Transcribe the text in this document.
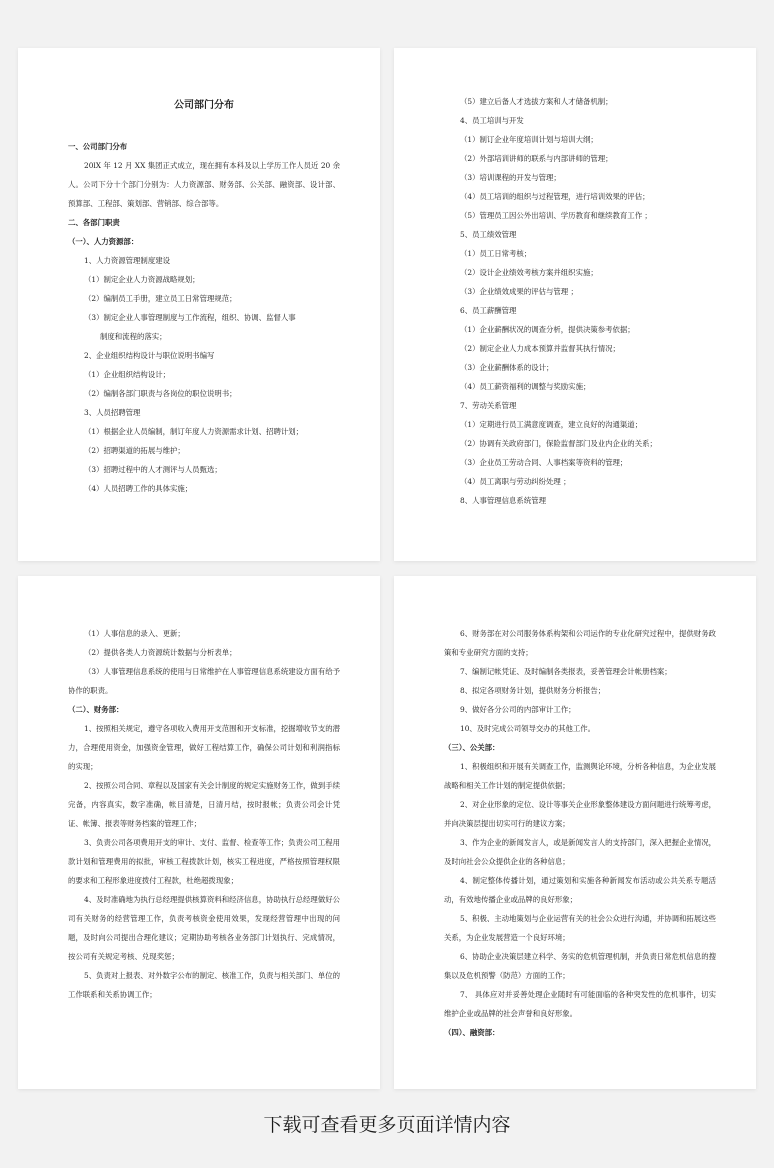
公司部门分布
一、公司部门分布
20lX 年 12 月 XX 集团正式成立，现在拥有本科及以上学历工作人员近 20 余人。公司下分十个部门分别为：人力资源部、财务部、公关部、融资部、设计部、预算部、工程部、策划部、营销部、综合部等。
二、各部门职责
（一）、人力资源部：
1、人力资源管理制度建设
（1）制定企业人力资源战略规划；
（2）编制员工手册，建立员工日常管理规范；
（3）制定企业人事管理制度与工作流程，组织、协调、监督人事
制度和流程的落实；
2、企业组织结构设计与职位说明书编写
（1）企业组织结构设计；
（2）编制各部门职责与各岗位的职位说明书；
3、人员招聘管理
（1）根据企业人员编制，制订年度人力资源需求计划、招聘计划；
（2）招聘渠道的拓展与维护；
（3）招聘过程中的人才测评与人员甄选；
（4）人员招聘工作的具体实施；
（5）建立后备人才选拔方案和人才储备机制；
4、员工培训与开发
（1）制订企业年度培训计划与培训大纲；
（2）外部培训讲师的联系与内部讲师的管理；
（3）培训课程的开发与管理；
（4）员工培训的组织与过程管理，进行培训效果的评估；
（5）管理员工因公外出培训、学历教育和继续教育工作 ；
5、员工绩效管理
（1）员工日常考核；
（2）设计企业绩效考核方案并组织实施；
（3）企业绩效成果的评估与管理 ；
6、员工薪酬管理
（1）企业薪酬状况的调查分析，提供决策参考依据；
（2）制定企业人力成本预算并监督其执行情况；
（3）企业薪酬体系的设计；
（4）员工薪资福利的调整与奖励实施；
7、劳动关系管理
（1）定期进行员工满意度调查，建立良好的沟通渠道；
（2）协调有关政府部门，保险监督部门及业内企业的关系；
（3）企业员工劳动合同、人事档案等资料的管理；
（4）员工离职与劳动纠纷处理 ；
8、人事管理信息系统管理
（1）人事信息的录入、更新；
（2）提供各类人力资源统计数据与分析表单；
（3）人事管理信息系统的使用与日常维护在人事管理信息系统建设方面有给予协作的职责。
（二）、财务部：
1、按照相关规定，遵守各项收入费用开支范围和开支标准，挖掘增收节支的潜力，合理使用资金，加强资金管理，做好工程结算工作，确保公司计划和利润指标的实现；
2、按照公司合同、章程以及国家有关会计制度的规定实施财务工作，做到手续完备，内容真实，数字准确，帐目清楚，日清月结，按时报帐；负责公司会计凭证、帐簿、报表等财务档案的管理工作；
3、负责公司各项费用开支的审计、支付、监督、检查等工作；负责公司工程用款计划和管理费用的拟批，审核工程拨款计划，核实工程进度，严格按照管理权限的要求和工程形象进度拨付工程款，杜绝超拨现象；
4、及时准确地为执行总经理提供核算资料和经济信息，协助执行总经理做好公司有关财务的经营管理工作，负责考核资金使用效果，发现经营管理中出现的问题，及时向公司提出合理化建议；定期协助考核各业务部门计划执行、完成情况，按公司有关规定考核、兑现奖惩；
5、负责对上报表、对外数字公布的制定、核准工作，负责与相关部门、单位的工作联系和关系协调工作；
6、财务部在对公司服务体系构架和公司运作的专业化研究过程中，提供财务政策和专业研究方面的支持；
7、编制记帐凭证、及时编制各类报表，妥善管理会计帐册档案；
8、拟定各项财务计划，提供财务分析报告；
9、做好各分公司的内部审计工作；
10、及时完成公司领导交办的其他工作。
（三）、公关部：
1、积极组织和开展有关调查工作，监测舆论环境，分析各种信息，为企业发展战略和相关工作计划的制定提供依据；
2、对企业形象的定位、设计等事关企业形象整体建设方面问题进行统筹考虑，并向决策层提出切实可行的建议方案；
3、作为企业的新闻发言人，或是新闻发言人的支持部门，深入把握企业情况，及时向社会公众提供企业的各种信息；
4、制定整体传播计划，通过策划和实施各种新闻发布活动或公共关系专题活动，有效地传播企业或品牌的良好形象；
5、积极、主动地策划与企业运营有关的社会公众进行沟通，并协调和拓展这些关系，为企业发展营造一个良好环境；
6、协助企业决策层建立科学、务实的危机管理机制，并负责日常危机信息的搜集以及危机预警（防范）方面的工作；
7、 具体应对并妥善处理企业随时有可能面临的各种突发性的危机事件，切实维护企业或品牌的社会声誉和良好形象。
（四）、融资部：
下载可查看更多页面详情内容
